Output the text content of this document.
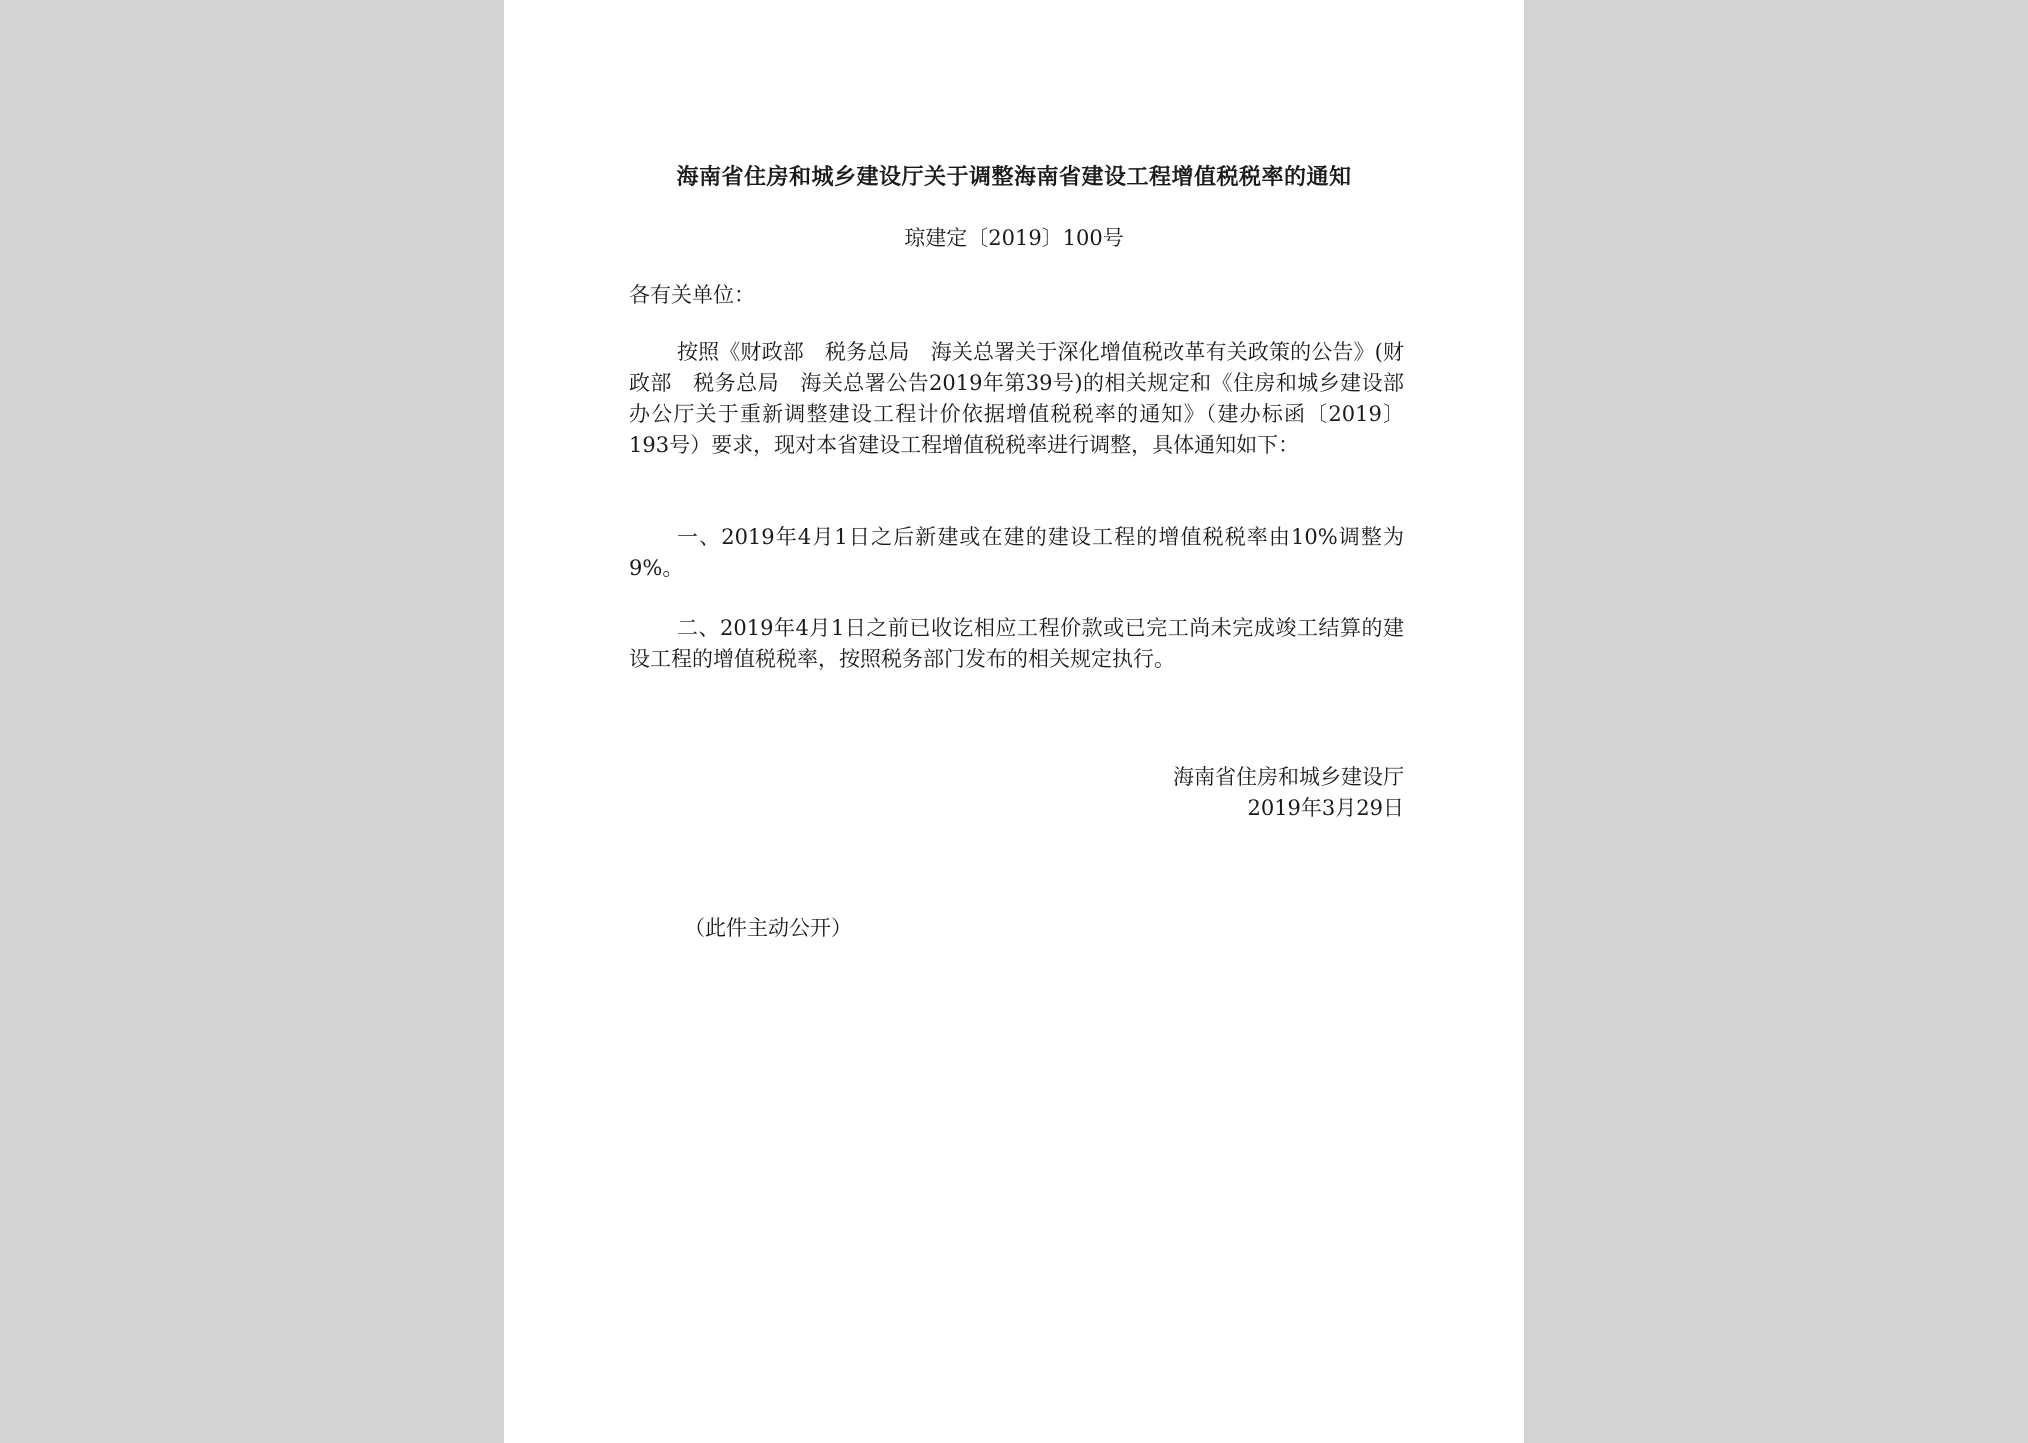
海南省住房和城乡建设厅关于调整海南省建设工程增值税税率的通知
琼建定〔2019〕100号
各有关单位：
按照《财政部　税务总局　海关总署关于深化增值税改革有关政策的公告》(财政部　税务总局　海关总署公告2019年第39号)的相关规定和《住房和城乡建设部办公厅关于重新调整建设工程计价依据增值税税率的通知》（建办标函〔2019〕193号）要求，现对本省建设工程增值税税率进行调整，具体通知如下：
一、2019年4月1日之后新建或在建的建设工程的增值税税率由10%调整为9%。
二、2019年4月1日之前已收讫相应工程价款或已完工尚未完成竣工结算的建设工程的增值税税率，按照税务部门发布的相关规定执行。
海南省住房和城乡建设厅
2019年3月29日
（此件主动公开）
